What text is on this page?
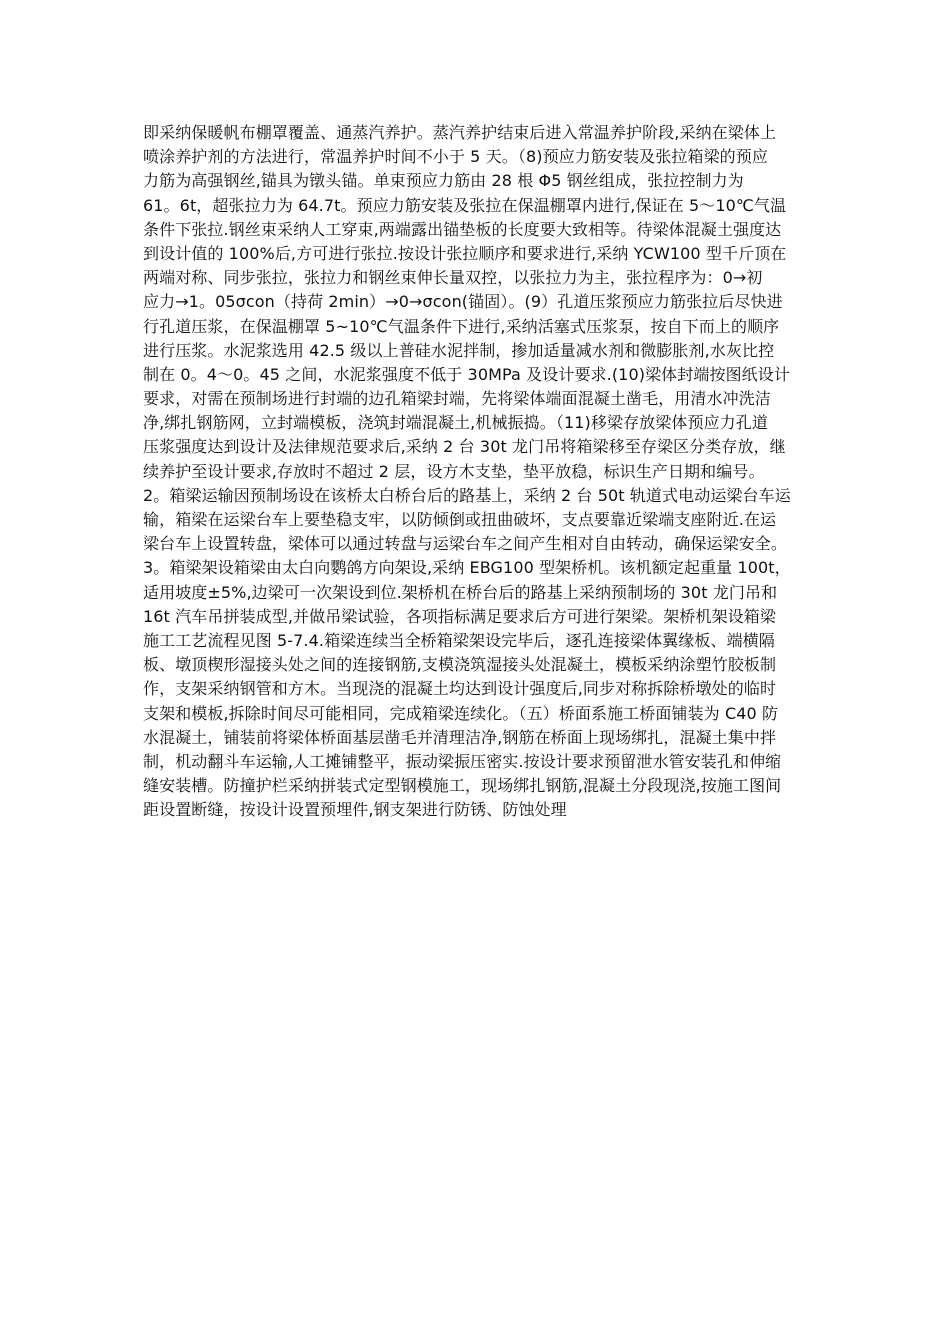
即采纳保暖帆布棚罩覆盖、通蒸汽养护。蒸汽养护结束后进入常温养护阶段,采纳在梁体上
喷涂养护剂的方法进行，常温养护时间不小于 5 天。（8)预应力筋安装及张拉箱梁的预应
力筋为高强钢丝,锚具为镦头锚。单束预应力筋由 28 根 Φ5 钢丝组成，张拉控制力为
61。6t，超张拉力为 64.7t。预应力筋安装及张拉在保温棚罩内进行,保证在 5～10℃气温
条件下张拉.钢丝束采纳人工穿束,两端露出锚垫板的长度要大致相等。待梁体混凝土强度达
到设计值的 100%后,方可进行张拉.按设计张拉顺序和要求进行,采纳 YCW100 型千斤顶在
两端对称、同步张拉，张拉力和钢丝束伸长量双控，以张拉力为主，张拉程序为：0→初
应力→1。05σcon（持荷 2min）→0→σcon(锚固）。(9）孔道压浆预应力筋张拉后尽快进
行孔道压浆，在保温棚罩 5~10℃气温条件下进行,采纳活塞式压浆泵，按自下而上的顺序
进行压浆。水泥浆选用 42.5 级以上普硅水泥拌制，掺加适量减水剂和微膨胀剂,水灰比控
制在 0。4～0。45 之间，水泥浆强度不低于 30MPa 及设计要求.(10)梁体封端按图纸设计
要求，对需在预制场进行封端的边孔箱梁封端，先将梁体端面混凝土凿毛，用清水冲洗洁
净,绑扎钢筋网，立封端模板，浇筑封端混凝土,机械振捣。（11)移梁存放梁体预应力孔道
压浆强度达到设计及法律规范要求后,采纳 2 台 30t 龙门吊将箱梁移至存梁区分类存放，继
续养护至设计要求,存放时不超过 2 层，设方木支垫，垫平放稳，标识生产日期和编号。
2。箱梁运输因预制场设在该桥太白桥台后的路基上，采纳 2 台 50t 轨道式电动运梁台车运
输，箱梁在运梁台车上要垫稳支牢，以防倾倒或扭曲破坏，支点要靠近梁端支座附近.在运
梁台车上设置转盘，梁体可以通过转盘与运梁台车之间产生相对自由转动，确保运梁安全。
3。箱梁架设箱梁由太白向鹦鸽方向架设,采纳 EBG100 型架桥机。该机额定起重量 100t，
适用坡度±5%,边梁可一次架设到位.架桥机在桥台后的路基上采纳预制场的 30t 龙门吊和
16t 汽车吊拼装成型,并做吊梁试验，各项指标满足要求后方可进行架梁。架桥机架设箱梁
施工工艺流程见图 5-7.4.箱梁连续当全桥箱梁架设完毕后，逐孔连接梁体翼缘板、端横隔
板、墩顶楔形湿接头处之间的连接钢筋,支模浇筑湿接头处混凝土，模板采纳涂塑竹胶板制
作，支架采纳钢管和方木。当现浇的混凝土均达到设计强度后,同步对称拆除桥墩处的临时
支架和模板,拆除时间尽可能相同，完成箱梁连续化。（五）桥面系施工桥面铺装为 C40 防
水混凝土，铺装前将梁体桥面基层凿毛并清理洁净,钢筋在桥面上现场绑扎，混凝土集中拌
制，机动翻斗车运输,人工摊铺整平，振动梁振压密实.按设计要求预留泄水管安装孔和伸缩
缝安装槽。防撞护栏采纳拼装式定型钢模施工，现场绑扎钢筋,混凝土分段现浇,按施工图间
距设置断缝，按设计设置预埋件,钢支架进行防锈、防蚀处理
